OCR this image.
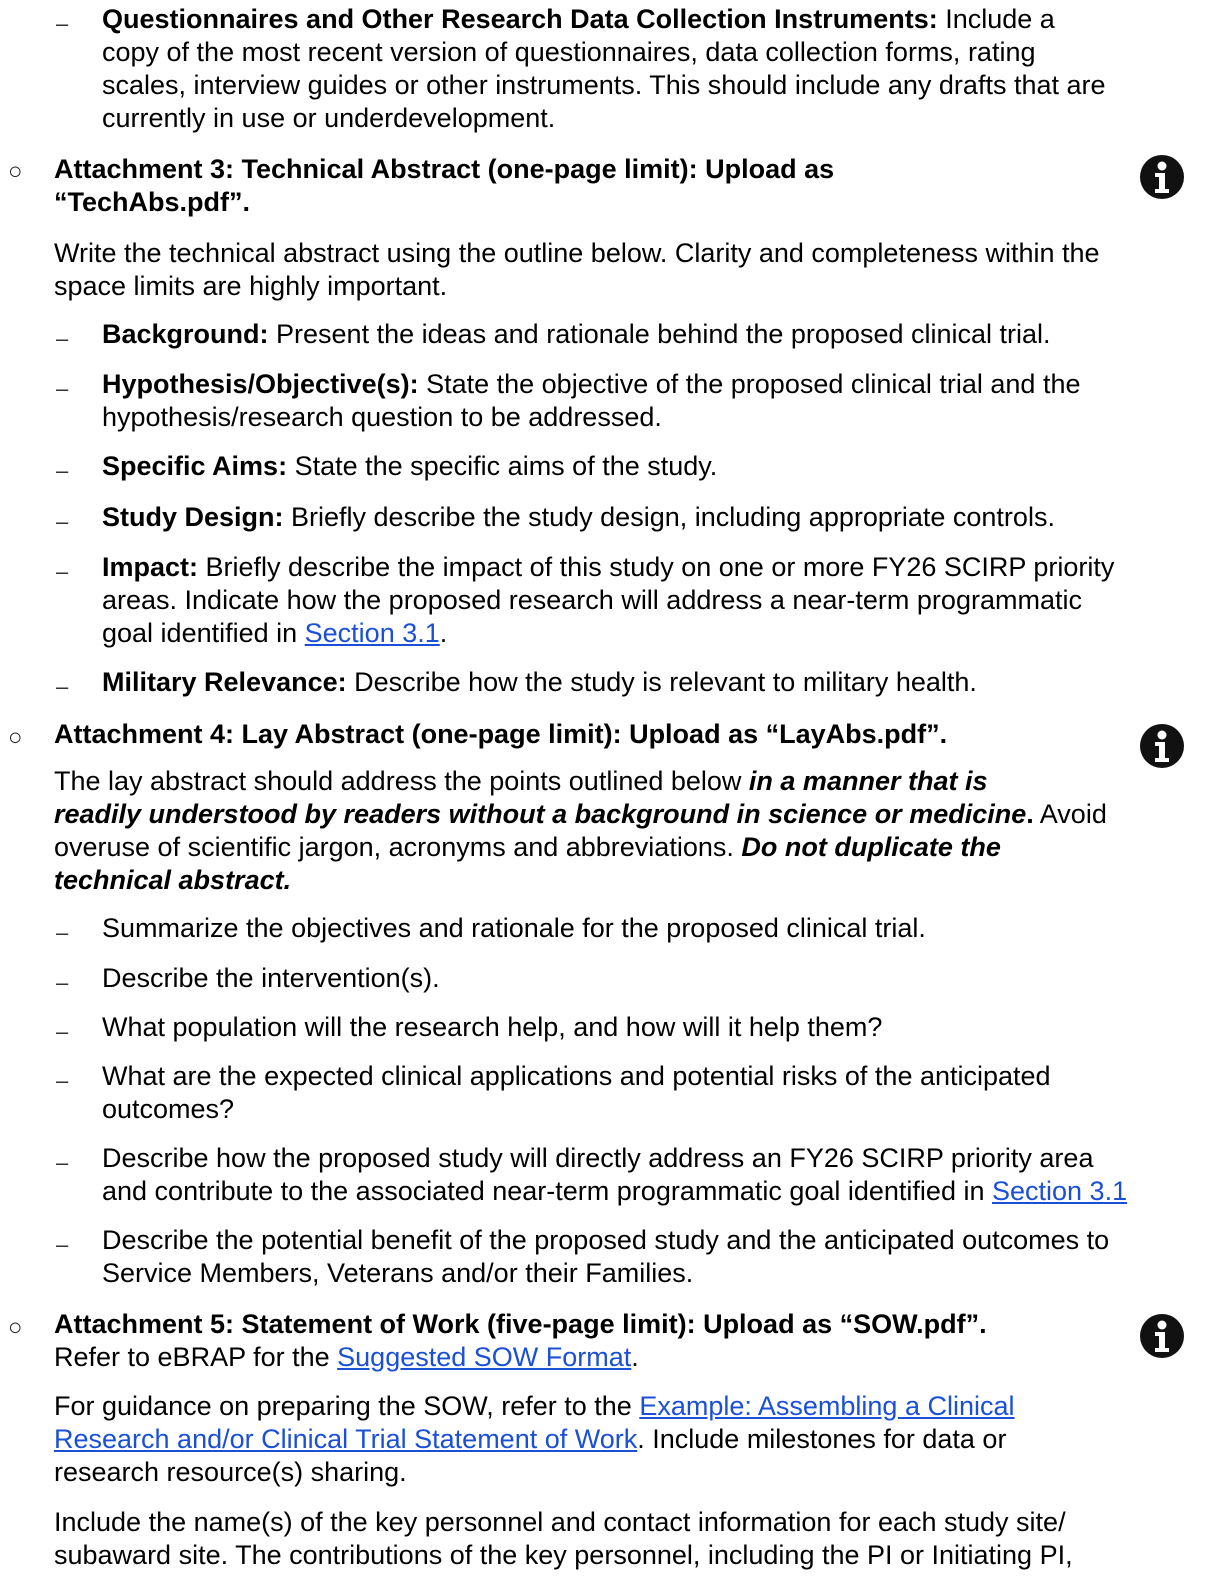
– Questionnaires and Other Research Data Collection Instruments: Include a
copy of the most recent version of questionnaires, data collection forms, rating
scales, interview guides or other instruments. This should include any drafts that are
currently in use or underdevelopment.
○	Attachment 3: Technical Abstract (one-page limit): Upload as
“TechAbs.pdf”.
Write the technical abstract using the outline below. Clarity and completeness within the
space limits are highly important.
– Background: Present the ideas and rationale behind the proposed clinical trial.
– Hypothesis/Objective(s): State the objective of the proposed clinical trial and the
hypothesis/research question to be addressed.
– Specific Aims: State the specific aims of the study.
– Study Design: Briefly describe the study design, including appropriate controls.
– Impact: Briefly describe the impact of this study on one or more FY26 SCIRP priority
areas. Indicate how the proposed research will address a near-term programmatic
goal identified in Section 3.1.
– Military Relevance: Describe how the study is relevant to military health.
○	Attachment 4: Lay Abstract (one-page limit): Upload as “LayAbs.pdf”.
The lay abstract should address the points outlined below in a manner that is
readily understood by readers without a background in science or medicine. Avoid
overuse of scientific jargon, acronyms and abbreviations. Do not duplicate the
technical abstract.
– Summarize the objectives and rationale for the proposed clinical trial.
– Describe the intervention(s).
– What population will the research help, and how will it help them?
– What are the expected clinical applications and potential risks of the anticipated
outcomes?
– Describe how the proposed study will directly address an FY26 SCIRP priority area
and contribute to the associated near-term programmatic goal identified in Section 3.1
– Describe the potential benefit of the proposed study and the anticipated outcomes to
Service Members, Veterans and/or their Families.
○	Attachment 5: Statement of Work (five-page limit): Upload as “SOW.pdf”.
Refer to eBRAP for the Suggested SOW Format.
For guidance on preparing the SOW, refer to the Example: Assembling a Clinical
Research and/or Clinical Trial Statement of Work. Include milestones for data or
research resource(s) sharing.
Include the name(s) of the key personnel and contact information for each study site/
subaward site. The contributions of the key personnel, including the PI or Initiating PI,
